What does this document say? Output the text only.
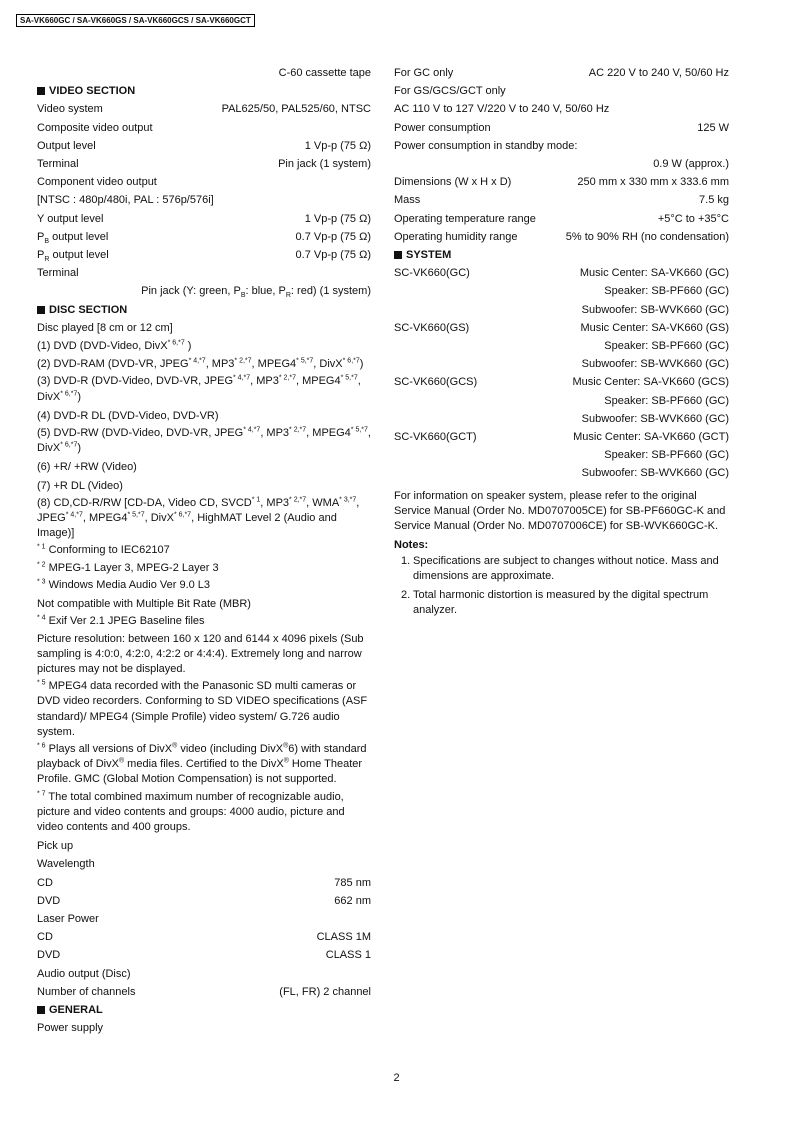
SA-VK660GC / SA-VK660GS / SA-VK660GCS / SA-VK660GCT
C-60 cassette tape
VIDEO SECTION
Video system	PAL625/50, PAL525/60, NTSC
Composite video output
Output level	1 Vp-p (75 Ω)
Terminal	Pin jack (1 system)
Component video output
[NTSC : 480p/480i, PAL : 576p/576i]
Y output level	1 Vp-p (75 Ω)
$P_B$ output level	0.7 Vp-p (75 Ω)
$P_R$ output level	0.7 Vp-p (75 Ω)
Terminal
Pin jack (Y: green, $P_B$: blue, $P_R$: red) (1 system)
DISC SECTION
Disc played [8 cm or 12 cm]
(1) DVD (DVD-Video, DivX$^{* 6,*7}$ )
(2) DVD-RAM (DVD-VR, $JPEG^{* 4,*7}$, $MP3^{* 2,*7}$, $MPEG4^{* 5,*7}$, DivX$^{* 6,*7}$)
(3) DVD-R (DVD-Video, DVD-VR, $JPEG^{* 4,*7}$, $MP3^{* 2,*7}$, $MPEG4^{* 5,*7}$,
DivX$^{* 6,*7}$)
(4) DVD-R DL (DVD-Video, DVD-VR)
(5) DVD-RW (DVD-Video, DVD-VR, $JPEG^{* 4,*7}$, $MP3^{* 2,*7}$, $MPEG4^{* 5,*7}$,
DivX$^{* 6,*7}$)
(6) +R/ +RW (Video)
(7) +R DL (Video)
(8) CD,CD-R/RW [CD-DA, Video CD, SVCD$^{* 1}$, $MP3^{* 2,*7}$, $WMA^{* 3,*7}$,
$JPEG^{* 4,*7}$, $MPEG4^{* 5,*7}$, DivX$^{* 6,*7}$, HighMAT Level 2 (Audio and
Image)]
$^{* 1}$ Conforming to IEC62107
$^{* 2}$ MPEG-1 Layer 3, MPEG-2 Layer 3
$^{* 3}$ Windows Media Audio Ver 9.0 L3
Not compatible with Multiple Bit Rate (MBR)
$^{* 4}$ Exif Ver 2.1 JPEG Baseline files
Picture resolution: between 160 x 120 and 6144 x 4096 pixels (Sub sampling is 4:0:0, 4:2:0, 4:2:2 or 4:4:4). Extremely long and narrow pictures may not be displayed.
$^{* 5}$ MPEG4 data recorded with the Panasonic SD multi cameras or DVD video recorders. Conforming to SD VIDEO specifications (ASF standard)/ MPEG4 (Simple Profile) video system/ G.726 audio system.
$^{* 6}$ Plays all versions of DivX® video (including DivX®6) with standard playback of DivX® media files. Certified to the DivX® Home Theater Profile. GMC (Global Motion Compensation) is not supported.
$^{* 7}$ The total combined maximum number of recognizable audio, picture and video contents and groups: 4000 audio, picture and video contents and 400 groups.
Pick up
Wavelength
CD	785 nm
DVD	662 nm
Laser Power
CD	CLASS 1M
DVD	CLASS 1
Audio output (Disc)
Number of channels	(FL, FR) 2 channel
GENERAL
Power supply
For GC only	AC 220 V to 240 V, 50/60 Hz
For GS/GCS/GCT only
AC 110 V to 127 V/220 V to 240 V, 50/60 Hz
Power consumption	125 W
Power consumption in standby mode:
0.9 W (approx.)
Dimensions (W x H x D)	250 mm x 330 mm x 333.6 mm
Mass	7.5 kg
Operating temperature range	+5°C to +35°C
Operating humidity range	5% to 90% RH (no condensation)
SYSTEM
SC-VK660(GC)	Music Center: SA-VK660 (GC)
Speaker: SB-PF660 (GC)
Subwoofer: SB-WVK660 (GC)
SC-VK660(GS)	Music Center: SA-VK660 (GS)
Speaker: SB-PF660 (GC)
Subwoofer: SB-WVK660 (GC)
SC-VK660(GCS)	Music Center: SA-VK660 (GCS)
Speaker: SB-PF660 (GC)
Subwoofer: SB-WVK660 (GC)
SC-VK660(GCT)	Music Center: SA-VK660 (GCT)
Speaker: SB-PF660 (GC)
Subwoofer: SB-WVK660 (GC)
For information on speaker system, please refer to the original Service Manual (Order No. MD0707005CE) for SB-PF660GC-K and Service Manual (Order No. MD0707006CE) for SB-WVK660GC-K.
Notes:
1. Specifications are subject to changes without notice. Mass and dimensions are approximate.
2. Total harmonic distortion is measured by the digital spectrum analyzer.
2
